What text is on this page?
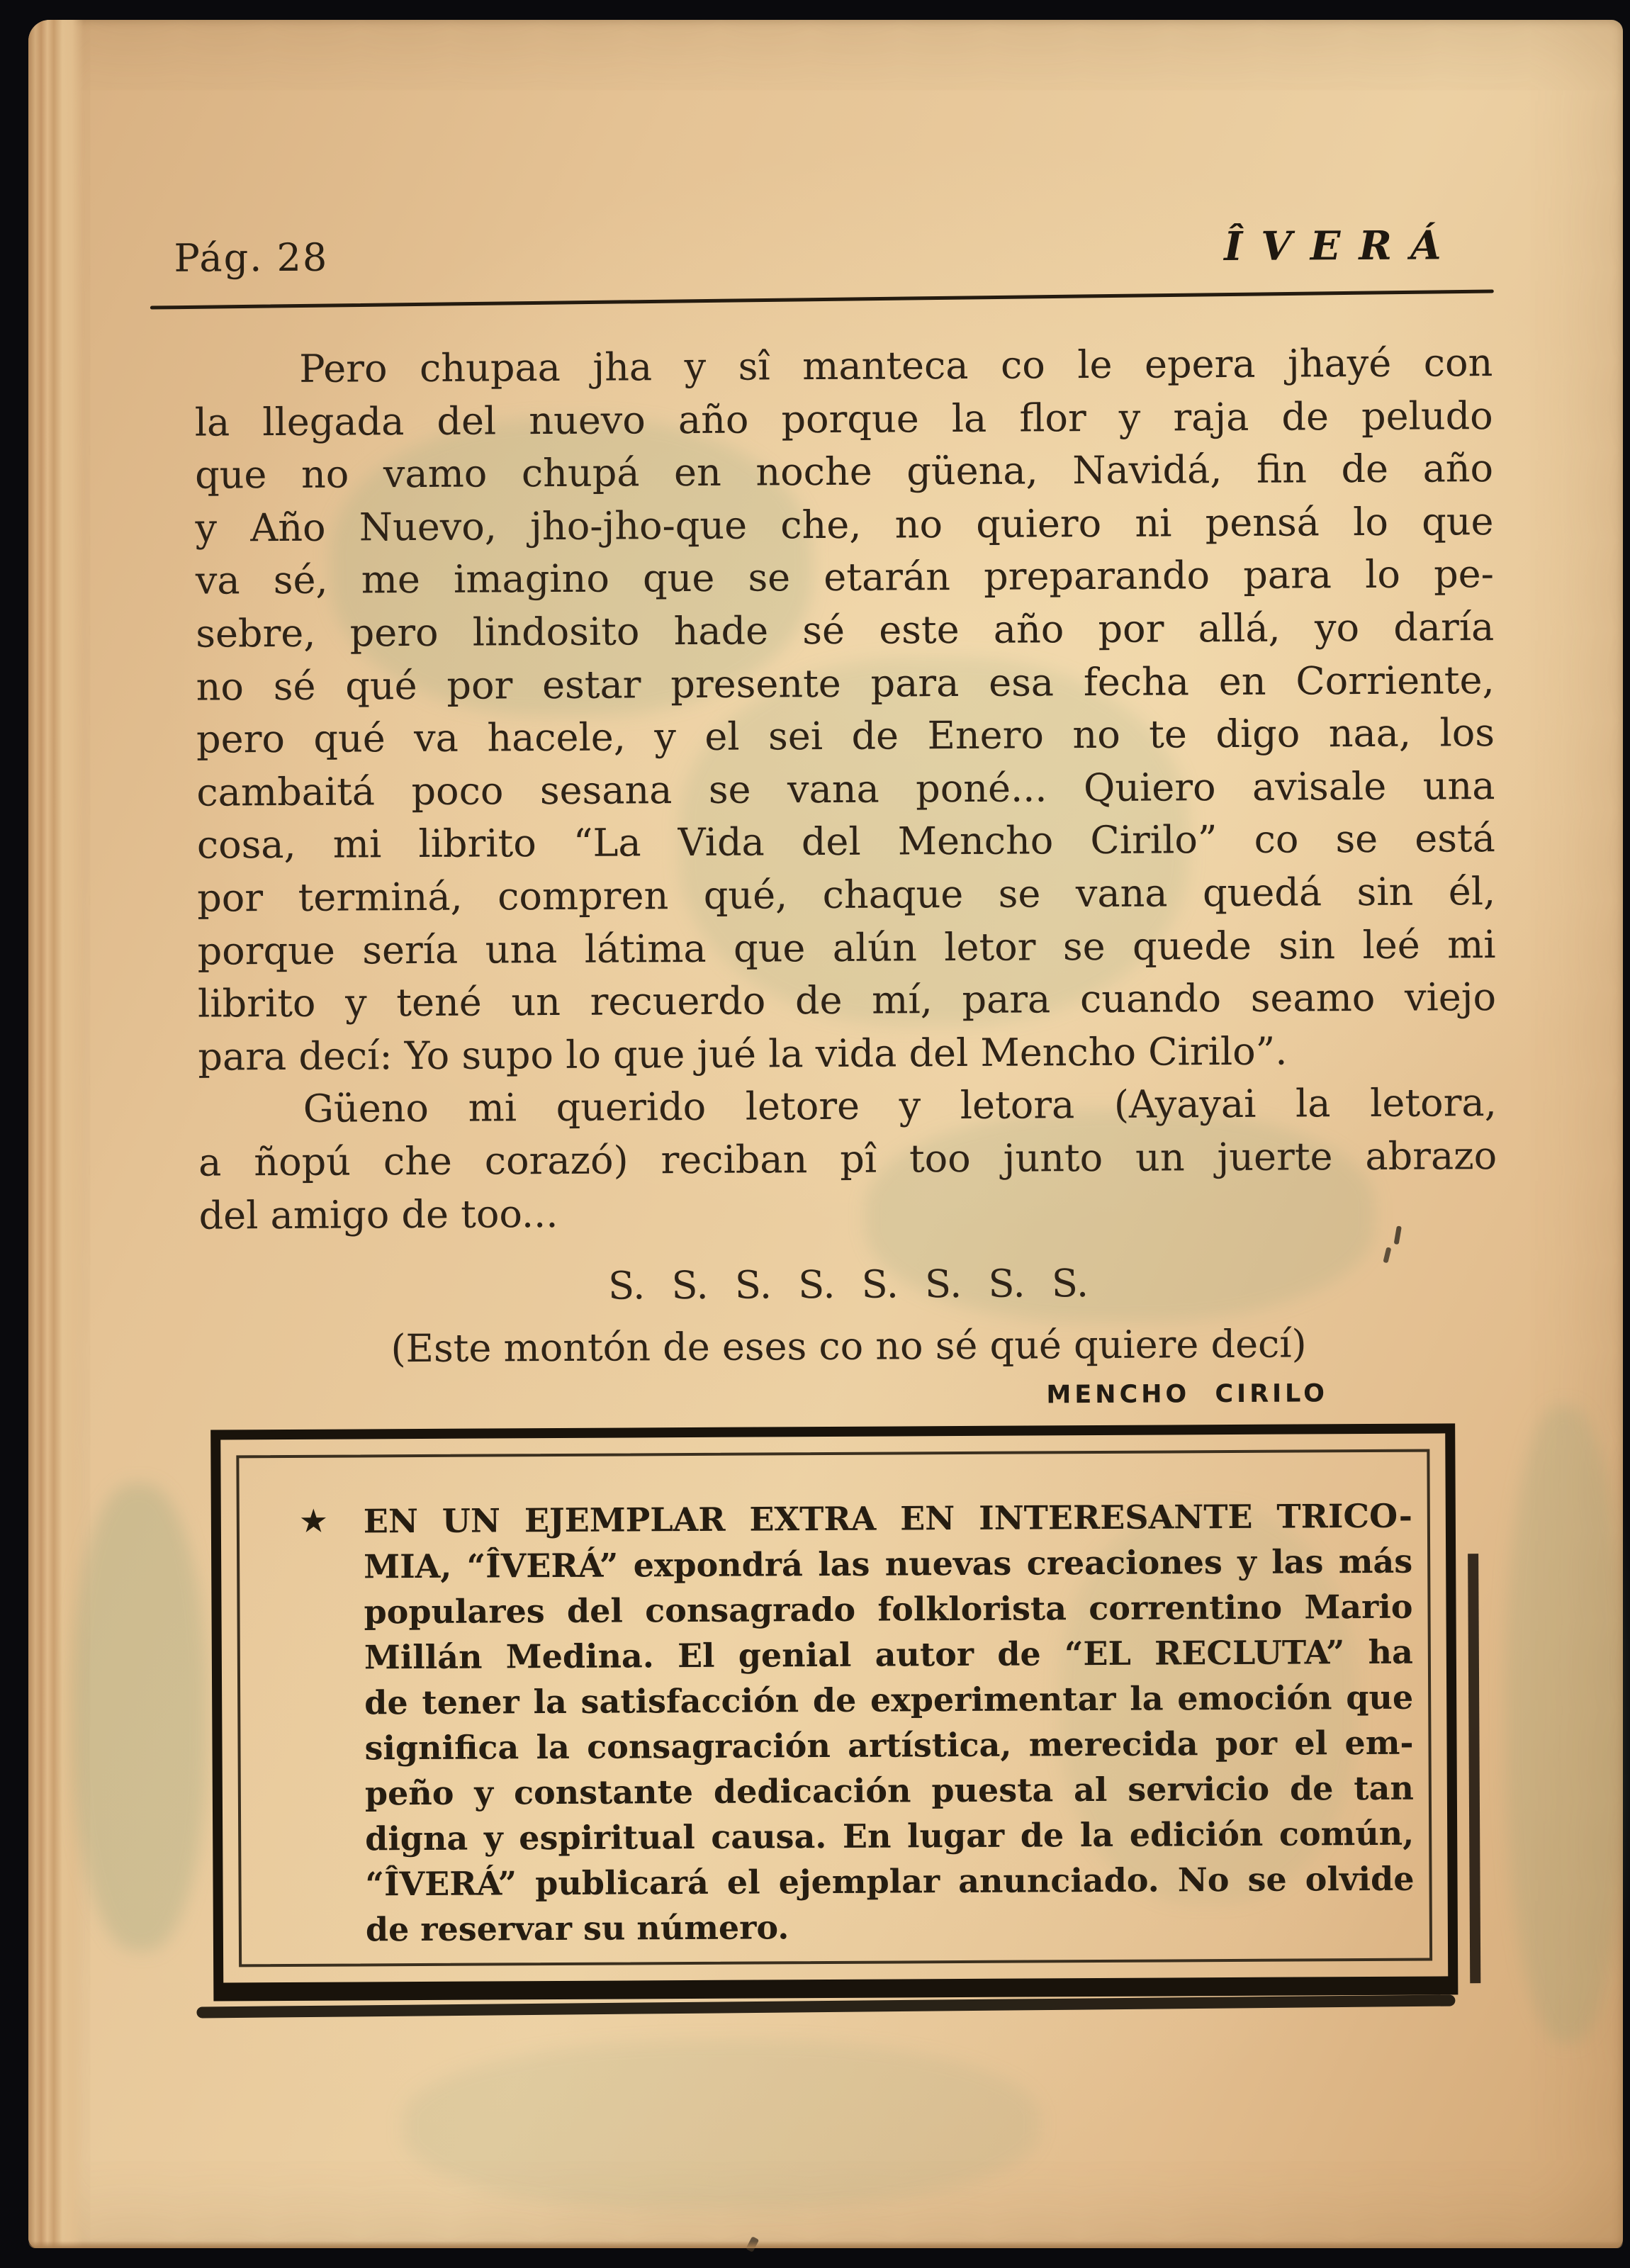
Pág. 28	ÎVERÁ
Pero chupaa jha y sî manteca co le epera jhayé con
la llegada del nuevo año porque la flor y raja de peludo
que no vamo chupá en noche güena, Navidá, fin de año
y Año Nuevo, jho-jho-que che, no quiero ni pensá lo que
va sé, me imagino que se etarán preparando para lo pe-
sebre, pero lindosito hade sé este año por allá, yo daría
no sé qué por estar presente para esa fecha en Corriente,
pero qué va hacele, y el sei de Enero no te digo naa, los
cambaitá poco sesana se vana poné... Quiero avisale una
cosa, mi librito “La Vida del Mencho Cirilo” co se está
por terminá, compren qué, chaque se vana quedá sin él,
porque sería una látima que alún letor se quede sin leé mi
librito y tené un recuerdo de mí, para cuando seamo viejo
para decí: Yo supo lo que jué la vida del Mencho Cirilo”.
Güeno mi querido letore y letora (Ayayai la letora,
a ñopú che corazó) reciban pî too junto un juerte abrazo
del amigo de too...
S. S. S. S. S. S. S. S.
(Este montón de eses co no sé qué quiere decí)
MENCHO CIRILO
★ EN UN EJEMPLAR EXTRA EN INTERESANTE TRICO-
MIA, “ÎVERÁ” expondrá las nuevas creaciones y las más
populares del consagrado folklorista correntino Mario
Millán Medina. El genial autor de “EL RECLUTA” ha
de tener la satisfacción de experimentar la emoción que
significa la consagración artística, merecida por el em-
peño y constante dedicación puesta al servicio de tan
digna y espiritual causa. En lugar de la edición común,
“ÎVERÁ” publicará el ejemplar anunciado. No se olvide
de reservar su número.
